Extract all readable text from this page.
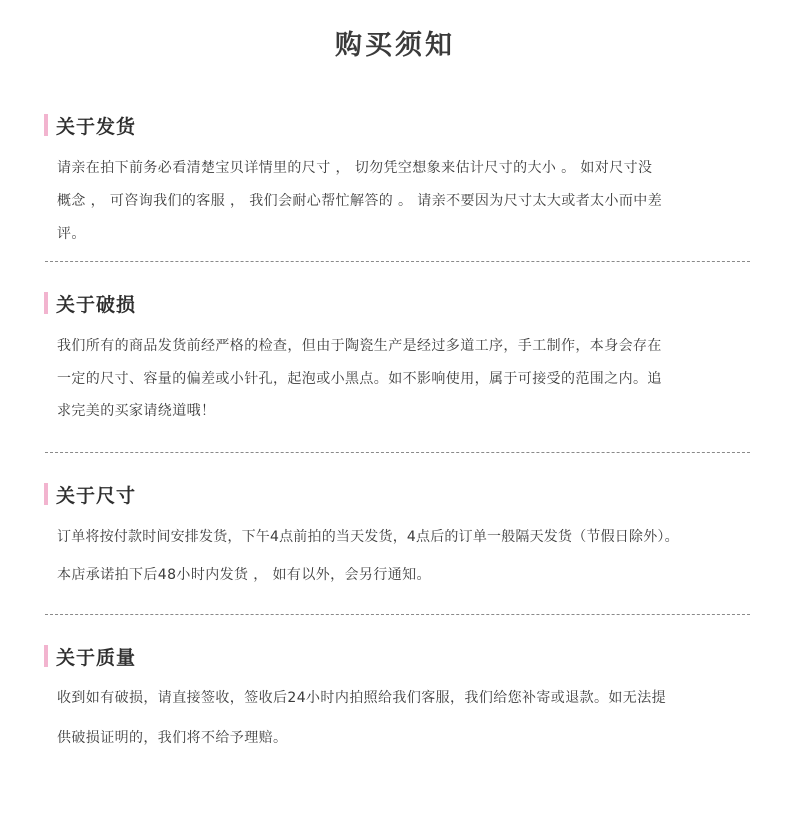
购买须知
关于发货
请亲在拍下前务必看清楚宝贝详情里的尺寸 ， 切勿凭空想象来估计尺寸的大小 。 如对尺寸没
概念 ， 可咨询我们的客服 ， 我们会耐心帮忙解答的 。 请亲不要因为尺寸太大或者太小而中差
评。
关于破损
我们所有的商品发货前经严格的检查，但由于陶瓷生产是经过多道工序，手工制作，本身会存在
一定的尺寸、容量的偏差或小针孔，起泡或小黑点。如不影响使用，属于可接受的范围之内。追
求完美的买家请绕道哦！
关于尺寸
订单将按付款时间安排发货，下午4点前拍的当天发货，4点后的订单一般隔天发货（节假日除外）。
本店承诺拍下后48小时内发货 ， 如有以外，会另行通知。
关于质量
收到如有破损，请直接签收，签收后24小时内拍照给我们客服，我们给您补寄或退款。如无法提
供破损证明的，我们将不给予理赔。
